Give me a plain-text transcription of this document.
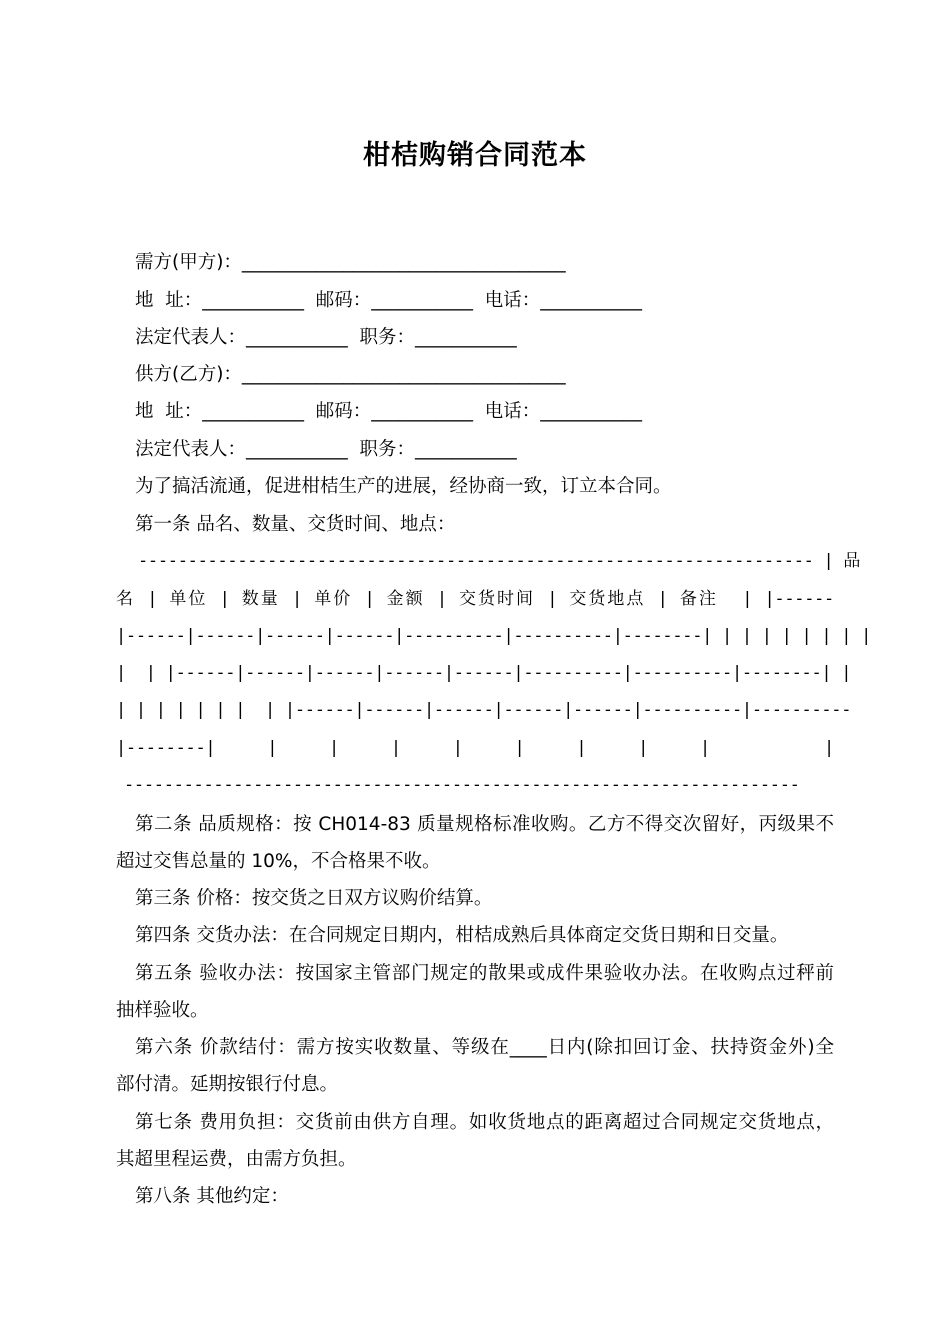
柑桔购销合同范本
需方(甲方)：___________________________________
地  址：___________  邮码：___________  电话：___________
法定代表人：___________  职务：___________
供方(乙方)：___________________________________
地  址：___________  邮码：___________  电话：___________
法定代表人：___________  职务：___________
为了搞活流通，促进柑桔生产的进展，经协商一致，订立本合同。
第一条 品名、数量、交货时间、地点：
-------------------------------------------------------------------- | 品
名 | 单位 | 数量 | 单价 | 金额 | 交货时间 | 交货地点 | 备注  | |------
|------|------|------|------|----------|----------|--------| | | | | | | | |
|  | |------|------|------|------|------|----------|----------|--------| |
| | | | | | |  | |------|------|------|------|------|----------|----------
|--------|     |     |     |     |     |     |     |     |           |
--------------------------------------------------------------------
第二条 品质规格：按 CH014-83 质量规格标准收购。乙方不得交次留好，丙级果不
超过交售总量的 10%，不合格果不收。
第三条 价格：按交货之日双方议购价结算。
第四条 交货办法：在合同规定日期内，柑桔成熟后具体商定交货日期和日交量。
第五条 验收办法：按国家主管部门规定的散果或成件果验收办法。在收购点过秤前
抽样验收。
第六条 价款结付：需方按实收数量、等级在____日内(除扣回订金、扶持资金外)全
部付清。延期按银行付息。
第七条 费用负担：交货前由供方自理。如收货地点的距离超过合同规定交货地点，
其超里程运费，由需方负担。
第八条 其他约定：
